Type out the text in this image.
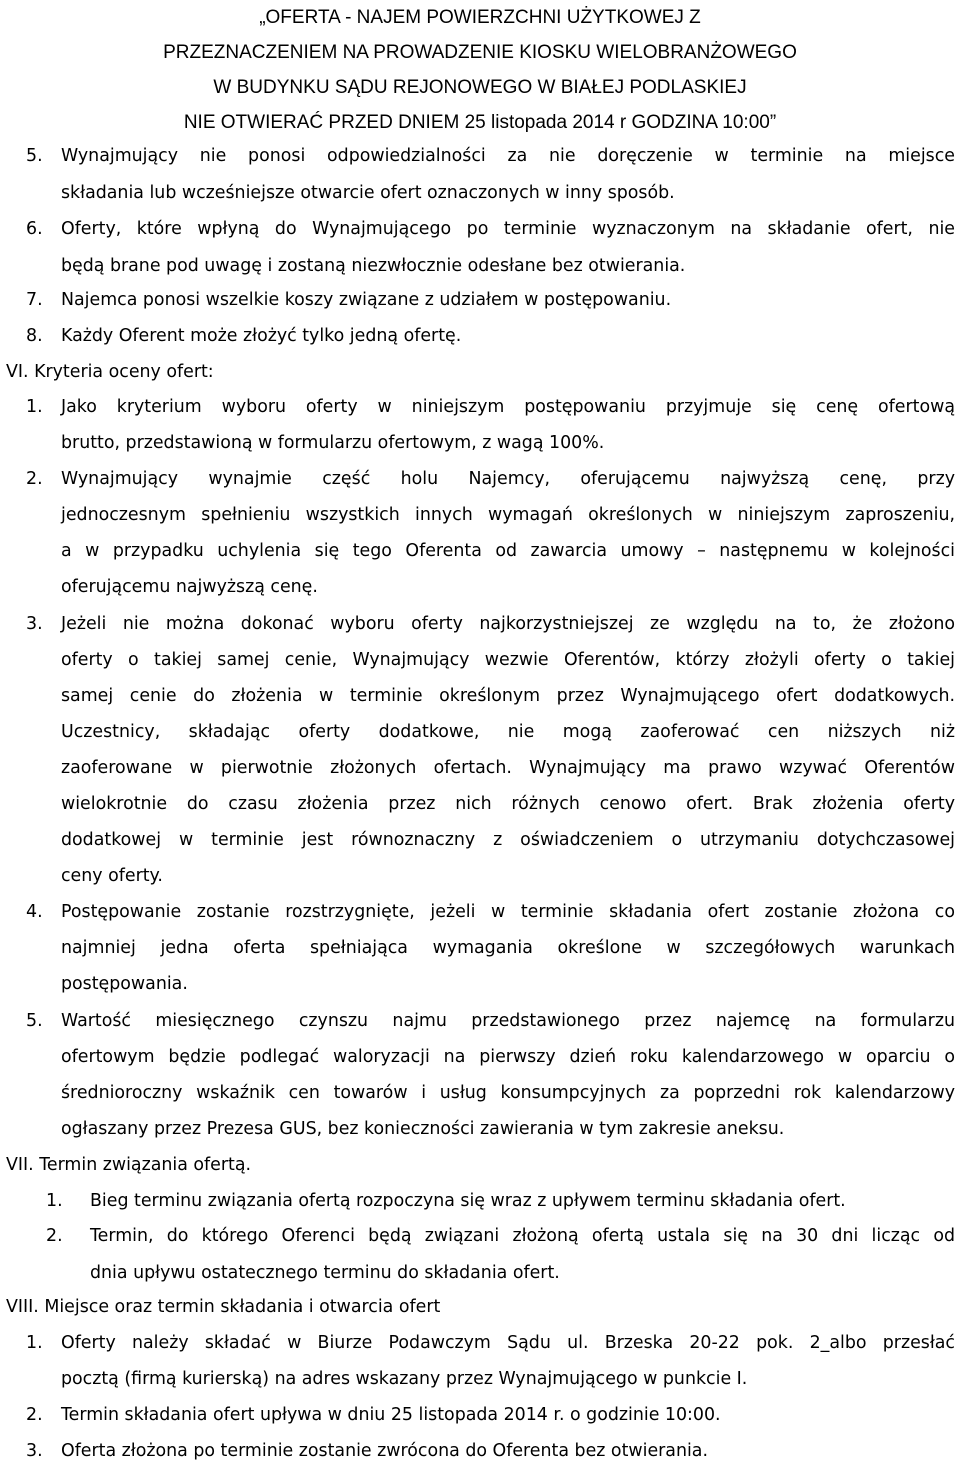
„OFERTA - NAJEM POWIERZCHNI UŻYTKOWEJ Z
PRZEZNACZENIEM NA PROWADZENIE KIOSKU WIELOBRANŻOWEGO
W BUDYNKU SĄDU REJONOWEGO W BIAŁEJ PODLASKIEJ
NIE OTWIERAĆ PRZED DNIEM 25 listopada 2014 r GODZINA 10:00”
5. Wynajmujący nie ponosi odpowiedzialności za nie doręczenie w terminie na miejsce
składania lub wcześniejsze otwarcie ofert oznaczonych w inny sposób.
6. Oferty, które wpłyną do Wynajmującego po terminie wyznaczonym na składanie ofert, nie
będą brane pod uwagę i zostaną niezwłocznie odesłane bez otwierania.
7. Najemca ponosi wszelkie koszy związane z udziałem w postępowaniu.
8. Każdy Oferent może złożyć tylko jedną ofertę.
VI. Kryteria oceny ofert:
1. Jako kryterium wyboru oferty w niniejszym postępowaniu przyjmuje się cenę ofertową
brutto, przedstawioną w formularzu ofertowym, z wagą 100%.
2. Wynajmujący wynajmie część holu Najemcy, oferującemu najwyższą cenę, przy
jednoczesnym spełnieniu wszystkich innych wymagań określonych w niniejszym zaproszeniu,
a w przypadku uchylenia się tego Oferenta od zawarcia umowy – następnemu w kolejności
oferującemu najwyższą cenę.
3. Jeżeli nie można dokonać wyboru oferty najkorzystniejszej ze względu na to, że złożono
oferty o takiej samej cenie, Wynajmujący wezwie Oferentów, którzy złożyli oferty o takiej
samej cenie do złożenia w terminie określonym przez Wynajmującego ofert dodatkowych.
Uczestnicy, składając oferty dodatkowe, nie mogą zaoferować cen niższych niż
zaoferowane w pierwotnie złożonych ofertach. Wynajmujący ma prawo wzywać Oferentów
wielokrotnie do czasu złożenia przez nich różnych cenowo ofert. Brak złożenia oferty
dodatkowej w terminie jest równoznaczny z oświadczeniem o utrzymaniu dotychczasowej
ceny oferty.
4. Postępowanie zostanie rozstrzygnięte, jeżeli w terminie składania ofert zostanie złożona co
najmniej jedna oferta spełniająca wymagania określone w szczegółowych warunkach
postępowania.
5. Wartość miesięcznego czynszu najmu przedstawionego przez najemcę na formularzu
ofertowym będzie podlegać waloryzacji na pierwszy dzień roku kalendarzowego w oparciu o
średnioroczny wskaźnik cen towarów i usług konsumpcyjnych za poprzedni rok kalendarzowy
ogłaszany przez Prezesa GUS, bez konieczności zawierania w tym zakresie aneksu.
VII. Termin związania ofertą.
1. Bieg terminu związania ofertą rozpoczyna się wraz z upływem terminu składania ofert.
2. Termin, do którego Oferenci będą związani złożoną ofertą ustala się na 30 dni licząc od
dnia upływu ostatecznego terminu do składania ofert.
VIII. Miejsce oraz termin składania i otwarcia ofert
1. Oferty należy składać w Biurze Podawczym Sądu ul. Brzeska 20-22 pok. 2_albo przesłać
pocztą (firmą kurierską) na adres wskazany przez Wynajmującego w punkcie I.
2. Termin składania ofert upływa w dniu 25 listopada 2014 r. o godzinie 10:00.
3. Oferta złożona po terminie zostanie zwrócona do Oferenta bez otwierania.
